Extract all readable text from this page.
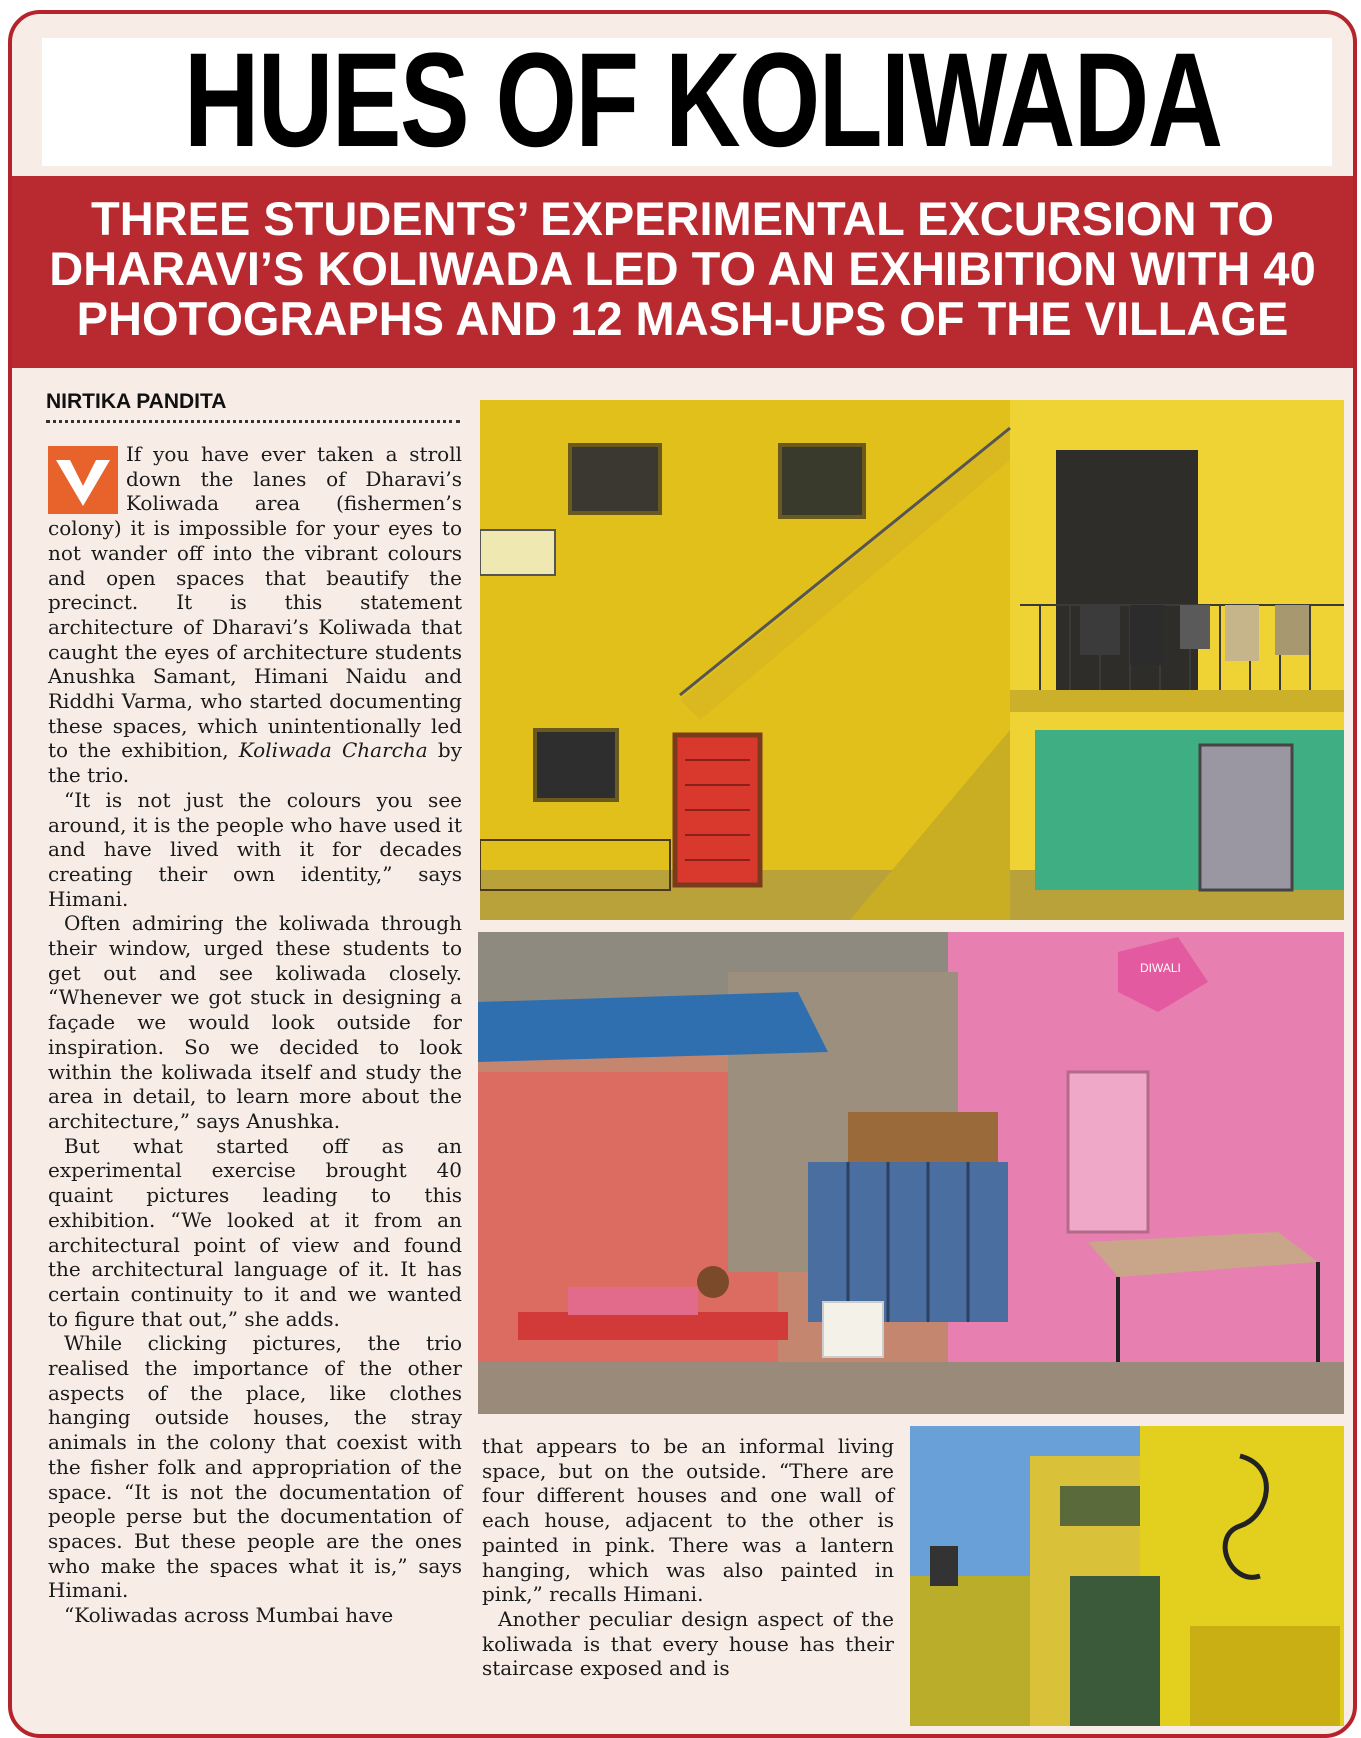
HUES OF KOLIWADA
THREE STUDENTS’ EXPERIMENTAL EXCURSION TO
DHARAVI’S KOLIWADA LED TO AN EXHIBITION WITH 40
PHOTOGRAPHS AND 12 MASH-UPS OF THE VILLAGE
NIRTIKA PANDITA

If you have ever taken a stroll down the lanes of Dharavi’s Koliwada area (fishermen’s colony) it is impossible for your eyes to not wander off into the vibrant colours and open spaces that beautify the precinct. It is this statement architecture of Dharavi’s Koliwada that caught the eyes of architecture students Anushka Samant, Himani Naidu and Riddhi Varma, who started documenting these spaces, which unintentionally led to the exhibition, Koliwada Charcha by the trio.

“It is not just the colours you see around, it is the people who have used it and have lived with it for decades creating their own identity,” says Himani.

Often admiring the koliwada through their window, urged these students to get out and see koliwada closely. “Whenever we got stuck in designing a façade we would look outside for inspiration. So we decided to look within the koliwada itself and study the area in detail, to learn more about the architecture,” says Anushka.

But what started off as an experimental exercise brought 40 quaint pictures leading to this exhibition. “We looked at it from an architectural point of view and found the architectural language of it. It has certain continuity to it and we wanted to figure that out,” she adds.

While clicking pictures, the trio realised the importance of the other aspects of the place, like clothes hanging outside houses, the stray animals in the colony that coexist with the fisher folk and appropriation of the space. “It is not the documentation of people perse but the documentation of spaces. But these people are the ones who make the spaces what it is,” says Himani.

“Koliwadas across Mumbai have

that appears to be an informal living space, but on the outside. “There are four different houses and one wall of each house, adjacent to the other is painted in pink. There was a lantern hanging, which was also painted in pink,” recalls Himani.

Another peculiar design aspect of the koliwada is that every house has their staircase exposed and is

DIWALI
